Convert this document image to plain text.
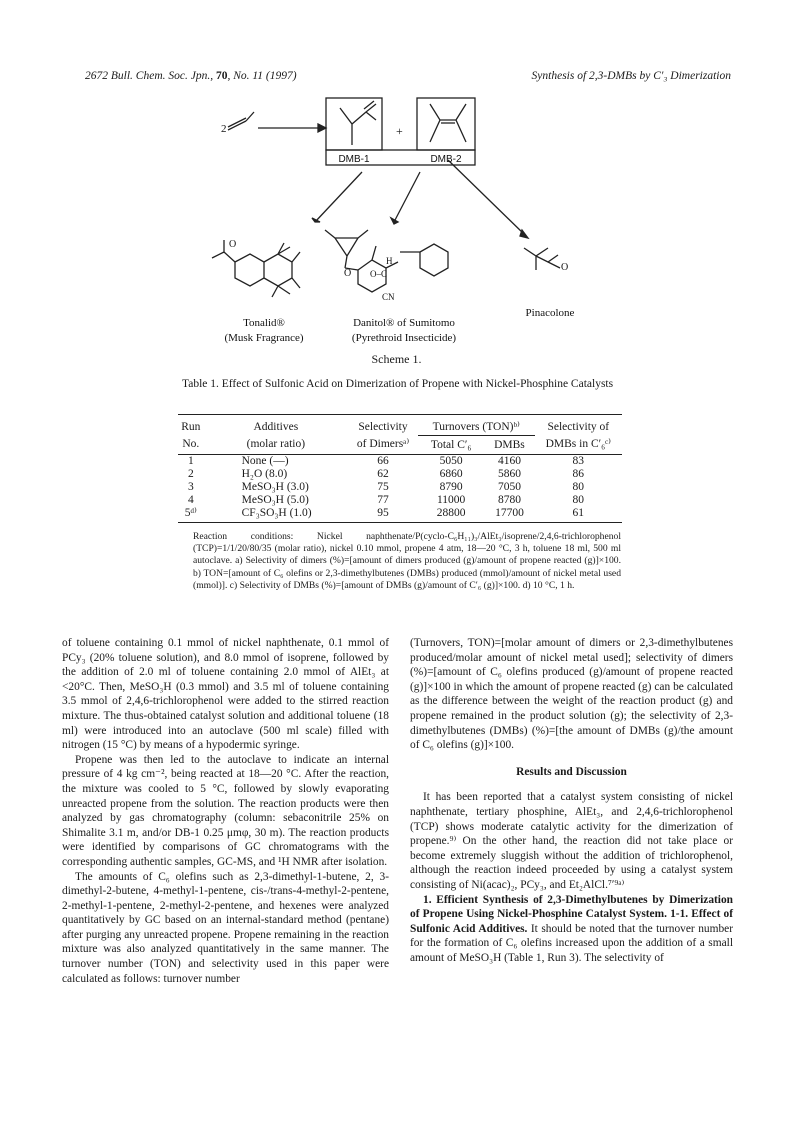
2672 Bull. Chem. Soc. Jpn., 70, No. 11 (1997)	Synthesis of 2,3-DMBs by C′₃ Dimerization
2	+
DMB-1	DMB-2
O
O
H
O–C
CN
O
Tonalid®
(Musk Fragrance)
Danitol® of Sumitomo
(Pyrethroid Insecticide)
Pinacolone
Scheme 1.
Table 1. Effect of Sulfonic Acid on Dimerization of Propene with Nickel-Phosphine Catalysts
Run	Additives	Selectivity	Turnovers (TON)ᵇ⁾		Selectivity of
No.	(molar ratio)	of Dimersᵃ⁾	Total C′₆	DMBs	DMBs in C′₆ᶜ⁾
1	None (—)	66	5050	4160	83
2	H₂O (8.0)	62	6860	5860	86
3	MeSO₃H (3.0)	75	8790	7050	80
4	MeSO₃H (5.0)	77	11000	8780	80
5ᵈ⁾	CF₃SO₃H (1.0)	95	28800	17700	61
Reaction conditions: Nickel naphthenate/P(cyclo-C₆H₁₁)₃/AlEt₃/isoprene/2,4,6-trichlorophenol (TCP)=1/1/20/80/35 (molar ratio), nickel 0.10 mmol, propene 4 atm, 18—20 °C, 3 h, toluene 18 ml, 500 ml autoclave. a) Selectivity of dimers (%)=[amount of dimers produced (g)/amount of propene reacted (g)]×100. b) TON=[amount of C₆ olefins or 2,3-dimethylbutenes (DMBs) produced (mmol)/amount of nickel metal used (mmol)]. c) Selectivity of DMBs (%)=[amount of DMBs (g)/amount of C′₆ (g)]×100. d) 10 °C, 1 h.

of toluene containing 0.1 mmol of nickel naphthenate, 0.1 mmol of PCy₃ (20% toluene solution), and 8.0 mmol of isoprene, followed by the addition of 2.0 ml of toluene containing 2.0 mmol of AlEt₃ at <20°C. Then, MeSO₃H (0.3 mmol) and 3.5 ml of toluene containing 3.5 mmol of 2,4,6-trichlorophenol were added to the stirred reaction mixture. The thus-obtained catalyst solution and additional toluene (18 ml) were introduced into an autoclave (500 ml scale) filled with nitrogen (15 °C) by means of a hypodermic syringe.

Propene was then led to the autoclave to indicate an internal pressure of 4 kg cm⁻², being reacted at 18—20 °C. After the reaction, the mixture was cooled to 5 °C, followed by slowly evaporating unreacted propene from the solution. The reaction products were then analyzed by gas chromatography (column: sebaconitrile 25% on Shimalite 3.1 m, and/or DB-1 0.25 μmφ, 30 m). The reaction products were identified by comparisons of GC chromatograms with the corresponding authentic samples, GC-MS, and ¹H NMR after isolation.

The amounts of C₆ olefins such as 2,3-dimethyl-1-butene, 2, 3-dimethyl-2-butene, 4-methyl-1-pentene, cis-/trans-4-methyl-2-pentene, 2-methyl-1-pentene, 2-methyl-2-pentene, and hexenes were analyzed quantitatively by GC based on an internal-standard method (pentane) after purging any unreacted propene. Propene remaining in the reaction mixture was also analyzed quantitatively in the same manner. The turnover number (TON) and selectivity used in this paper were calculated as follows: turnover number

(Turnovers, TON)=[molar amount of dimers or 2,3-dimethylbutenes produced/molar amount of nickel metal used]; selectivity of dimers (%)=[amount of C₆ olefins produced (g)/amount of propene reacted (g)]×100 in which the amount of propene reacted (g) can be calculated as the difference between the weight of the reaction product (g) and propene remained in the product solution (g); the selectivity of 2,3-dimethylbutenes (DMBs) (%)=[the amount of DMBs (g)/the amount of C₆ olefins (g)]×100.

Results and Discussion

It has been reported that a catalyst system consisting of nickel naphthenate, tertiary phosphine, AlEt₃, and 2,4,6-trichlorophenol (TCP) shows moderate catalytic activity for the dimerization of propene.⁹⁾ On the other hand, the reaction did not take place or become extremely sluggish without the addition of trichlorophenol, although the reaction indeed proceeded by using a catalyst system consisting of Ni(acac)₂, PCy₃, and Et₂AlCl.⁷ʹ⁹ᵃ⁾

1. Efficient Synthesis of 2,3-Dimethylbutenes by Dimerization of Propene Using Nickel-Phosphine Catalyst System. 1-1. Effect of Sulfonic Acid Additives. It should be noted that the turnover number for the formation of C₆ olefins increased upon the addition of a small amount of MeSO₃H (Table 1, Run 3). The selectivity of
